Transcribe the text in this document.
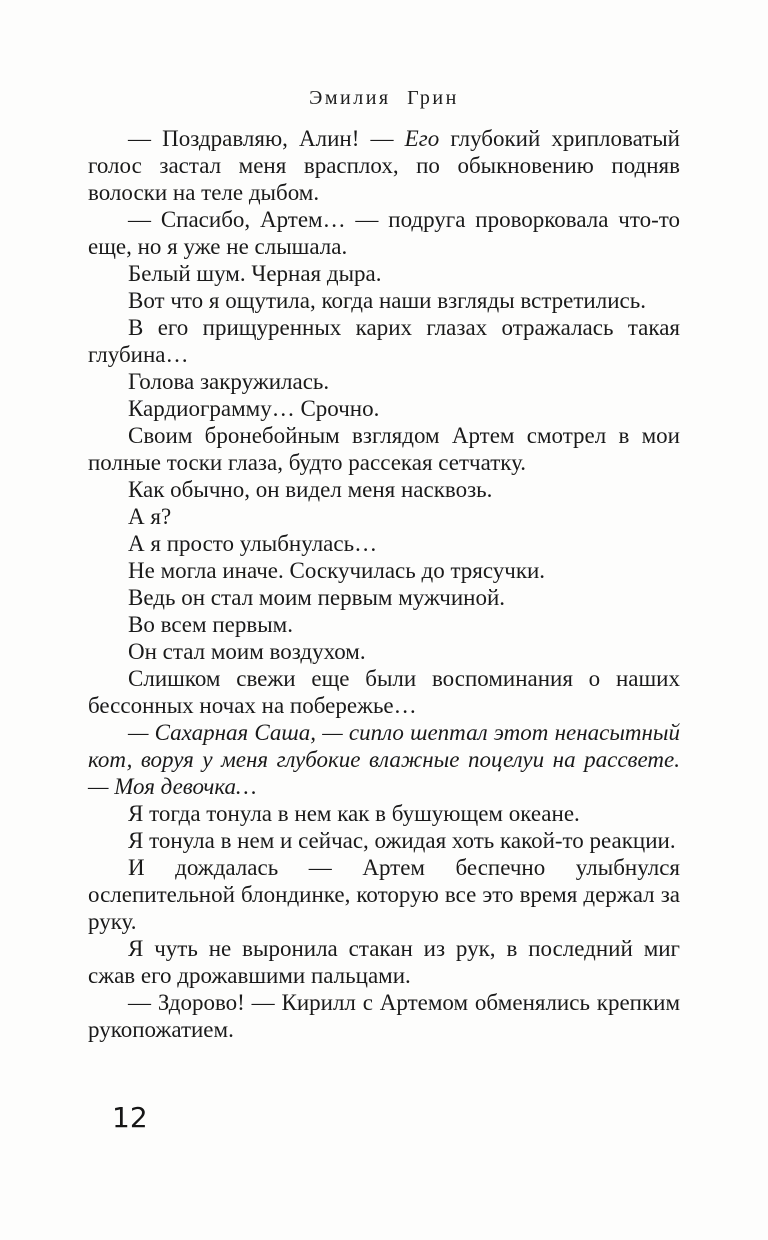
Эмилия Грин

— Поздравляю, Алин! — Его глубокий хрипловатый голос застал меня врасплох, по обыкновению подняв волоски на теле дыбом.

— Спасибо, Артем… — подруга проворковала что-то еще, но я уже не слышала.

Белый шум. Черная дыра.

Вот что я ощутила, когда наши взгляды встретились.

В его прищуренных карих глазах отражалась такая глубина…

Голова закружилась.

Кардиограмму… Срочно.

Своим бронебойным взглядом Артем смотрел в мои полные тоски глаза, будто рассекая сетчатку.

Как обычно, он видел меня насквозь.

А я?

А я просто улыбнулась…

Не могла иначе. Соскучилась до трясучки.

Ведь он стал моим первым мужчиной.

Во всем первым.

Он стал моим воздухом.

Слишком свежи еще были воспоминания о наших бессонных ночах на побережье…

— Сахарная Саша, — сипло шептал этот ненасытный кот, воруя у меня глубокие влажные поцелуи на рассвете. — Моя девочка…

Я тогда тонула в нем как в бушующем океане.

Я тонула в нем и сейчас, ожидая хоть какой-то реакции.

И дождалась — Артем беспечно улыбнулся ослепительной блондинке, которую все это время держал за руку.

Я чуть не выронила стакан из рук, в последний миг сжав его дрожавшими пальцами.

— Здорово! — Кирилл с Артемом обменялись крепким рукопожатием.

12
